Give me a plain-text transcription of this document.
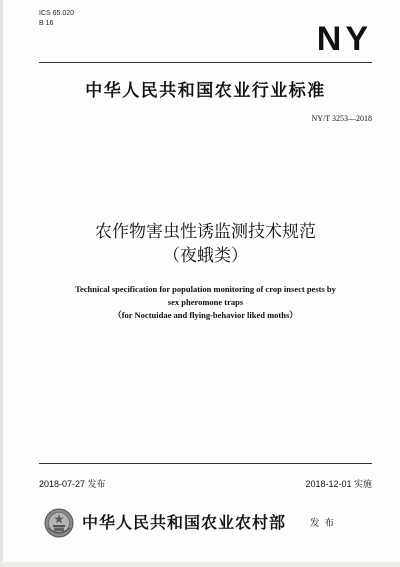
ICS 65.020
B 16	NY
中华人民共和国农业行业标准
NY/T 3253—2018
农作物害虫性诱监测技术规范
（夜蛾类）
Technical specification for population monitoring of crop insect pests by
sex pheromone traps
（for Noctuidae and flying-behavior liked moths）
2018-07-27 发布	2018-12-01 实施
中华人民共和国农业农村部	发 布
